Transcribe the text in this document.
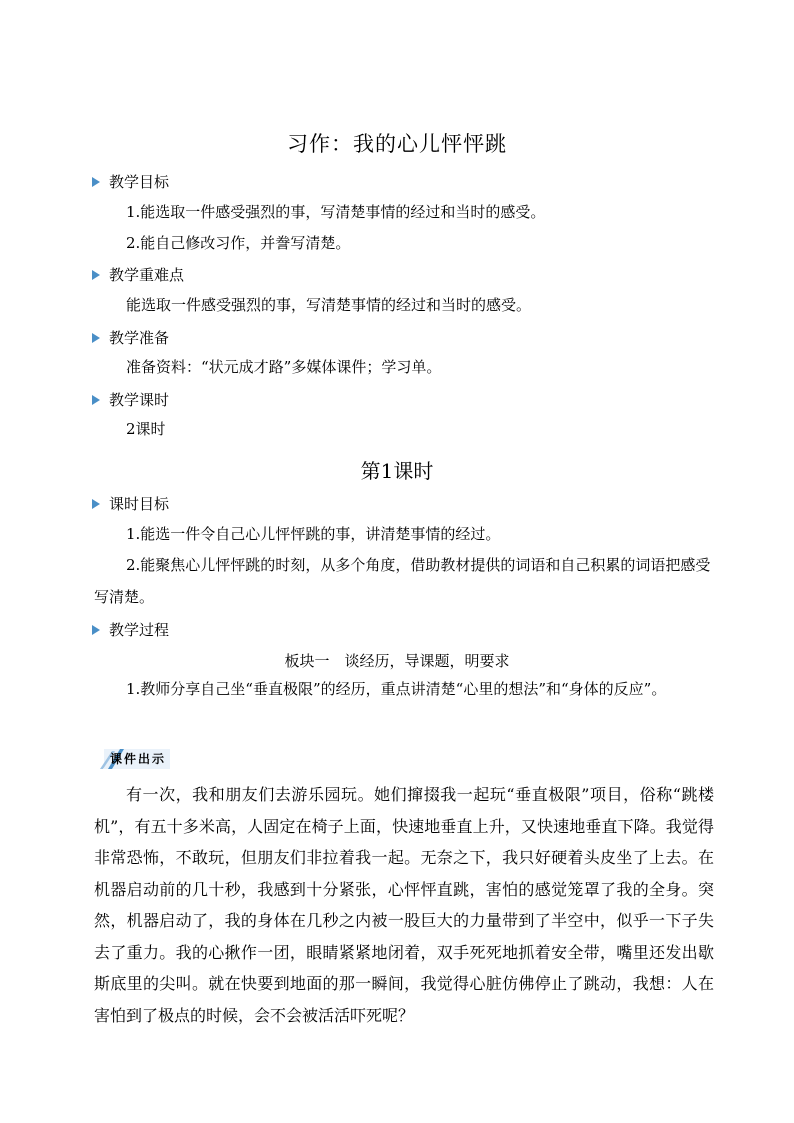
习作：我的心儿怦怦跳
教学目标

1.能选取一件感受强烈的事，写清楚事情的经过和当时的感受。

2.能自己修改习作，并誊写清楚。

教学重难点

能选取一件感受强烈的事，写清楚事情的经过和当时的感受。

教学准备

准备资料：“状元成才路”多媒体课件；学习单。

教学课时

2课时

第1课时
课时目标

1.能选一件令自己心儿怦怦跳的事，讲清楚事情的经过。

2.能聚焦心儿怦怦跳的时刻，从多个角度，借助教材提供的词语和自己积累的词语把感受写清楚。

教学过程
板块一　谈经历，导课题，明要求

1.教师分享自己坐“垂直极限”的经历，重点讲清楚“心里的想法”和“身体的反应”。

课件出示

有一次，我和朋友们去游乐园玩。她们撺掇我一起玩“垂直极限”项目，俗称“跳楼机”，有五十多米高，人固定在椅子上面，快速地垂直上升，又快速地垂直下降。我觉得非常恐怖，不敢玩，但朋友们非拉着我一起。无奈之下，我只好硬着头皮坐了上去。在机器启动前的几十秒，我感到十分紧张，心怦怦直跳，害怕的感觉笼罩了我的全身。突然，机器启动了，我的身体在几秒之内被一股巨大的力量带到了半空中，似乎一下子失去了重力。我的心揪作一团，眼睛紧紧地闭着，双手死死地抓着安全带，嘴里还发出歇斯底里的尖叫。就在快要到地面的那一瞬间，我觉得心脏仿佛停止了跳动，我想：人在害怕到了极点的时候，会不会被活活吓死呢？
